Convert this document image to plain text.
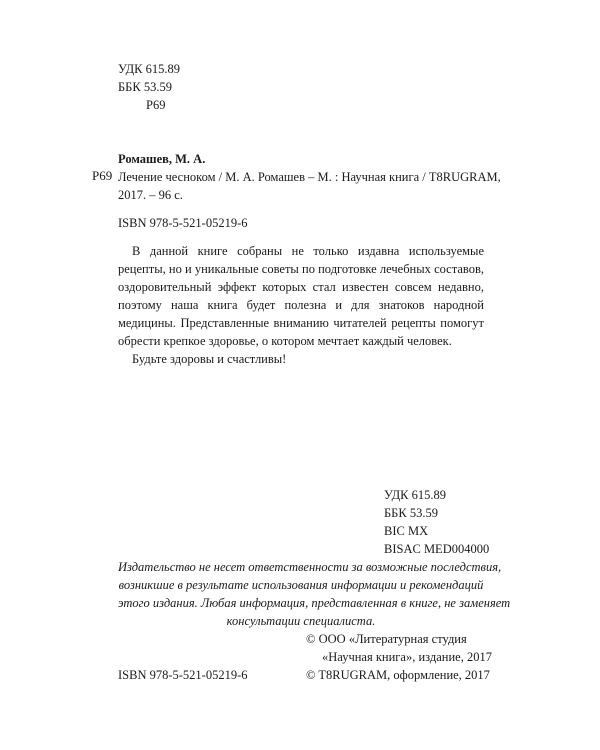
УДК 615.89
ББК 53.59
Р69
Р69
Ромашев, М. А.
Лечение чесноком / М. А. Ромашев – М. : Научная книга / T8RUGRAM,
2017. – 96 с.
ISBN 978-5-521-05219-6

В данной книге собраны не только издавна используемые рецепты, но и уникальные советы по подготовке лечебных составов, оздоровительный эффект которых стал известен совсем недавно, поэтому наша книга будет полезна и для знатоков народной медицины. Представленные вниманию читателей рецепты помогут обрести крепкое здоровье, о котором мечтает каждый человек.

Будьте здоровы и счастливы!

УДК 615.89
ББК 53.59
BIC MX
BISAC MED004000
Издательство не несет ответственности за возможные последствия,
возникшие в результате использования информации и рекомендаций
этого издания. Любая информация, представленная в книге, не заменяет
консультации специалиста.
© ООО «Литературная студия
«Научная книга», издание, 2017
© T8RUGRAM, оформление, 2017
ISBN 978-5-521-05219-6
